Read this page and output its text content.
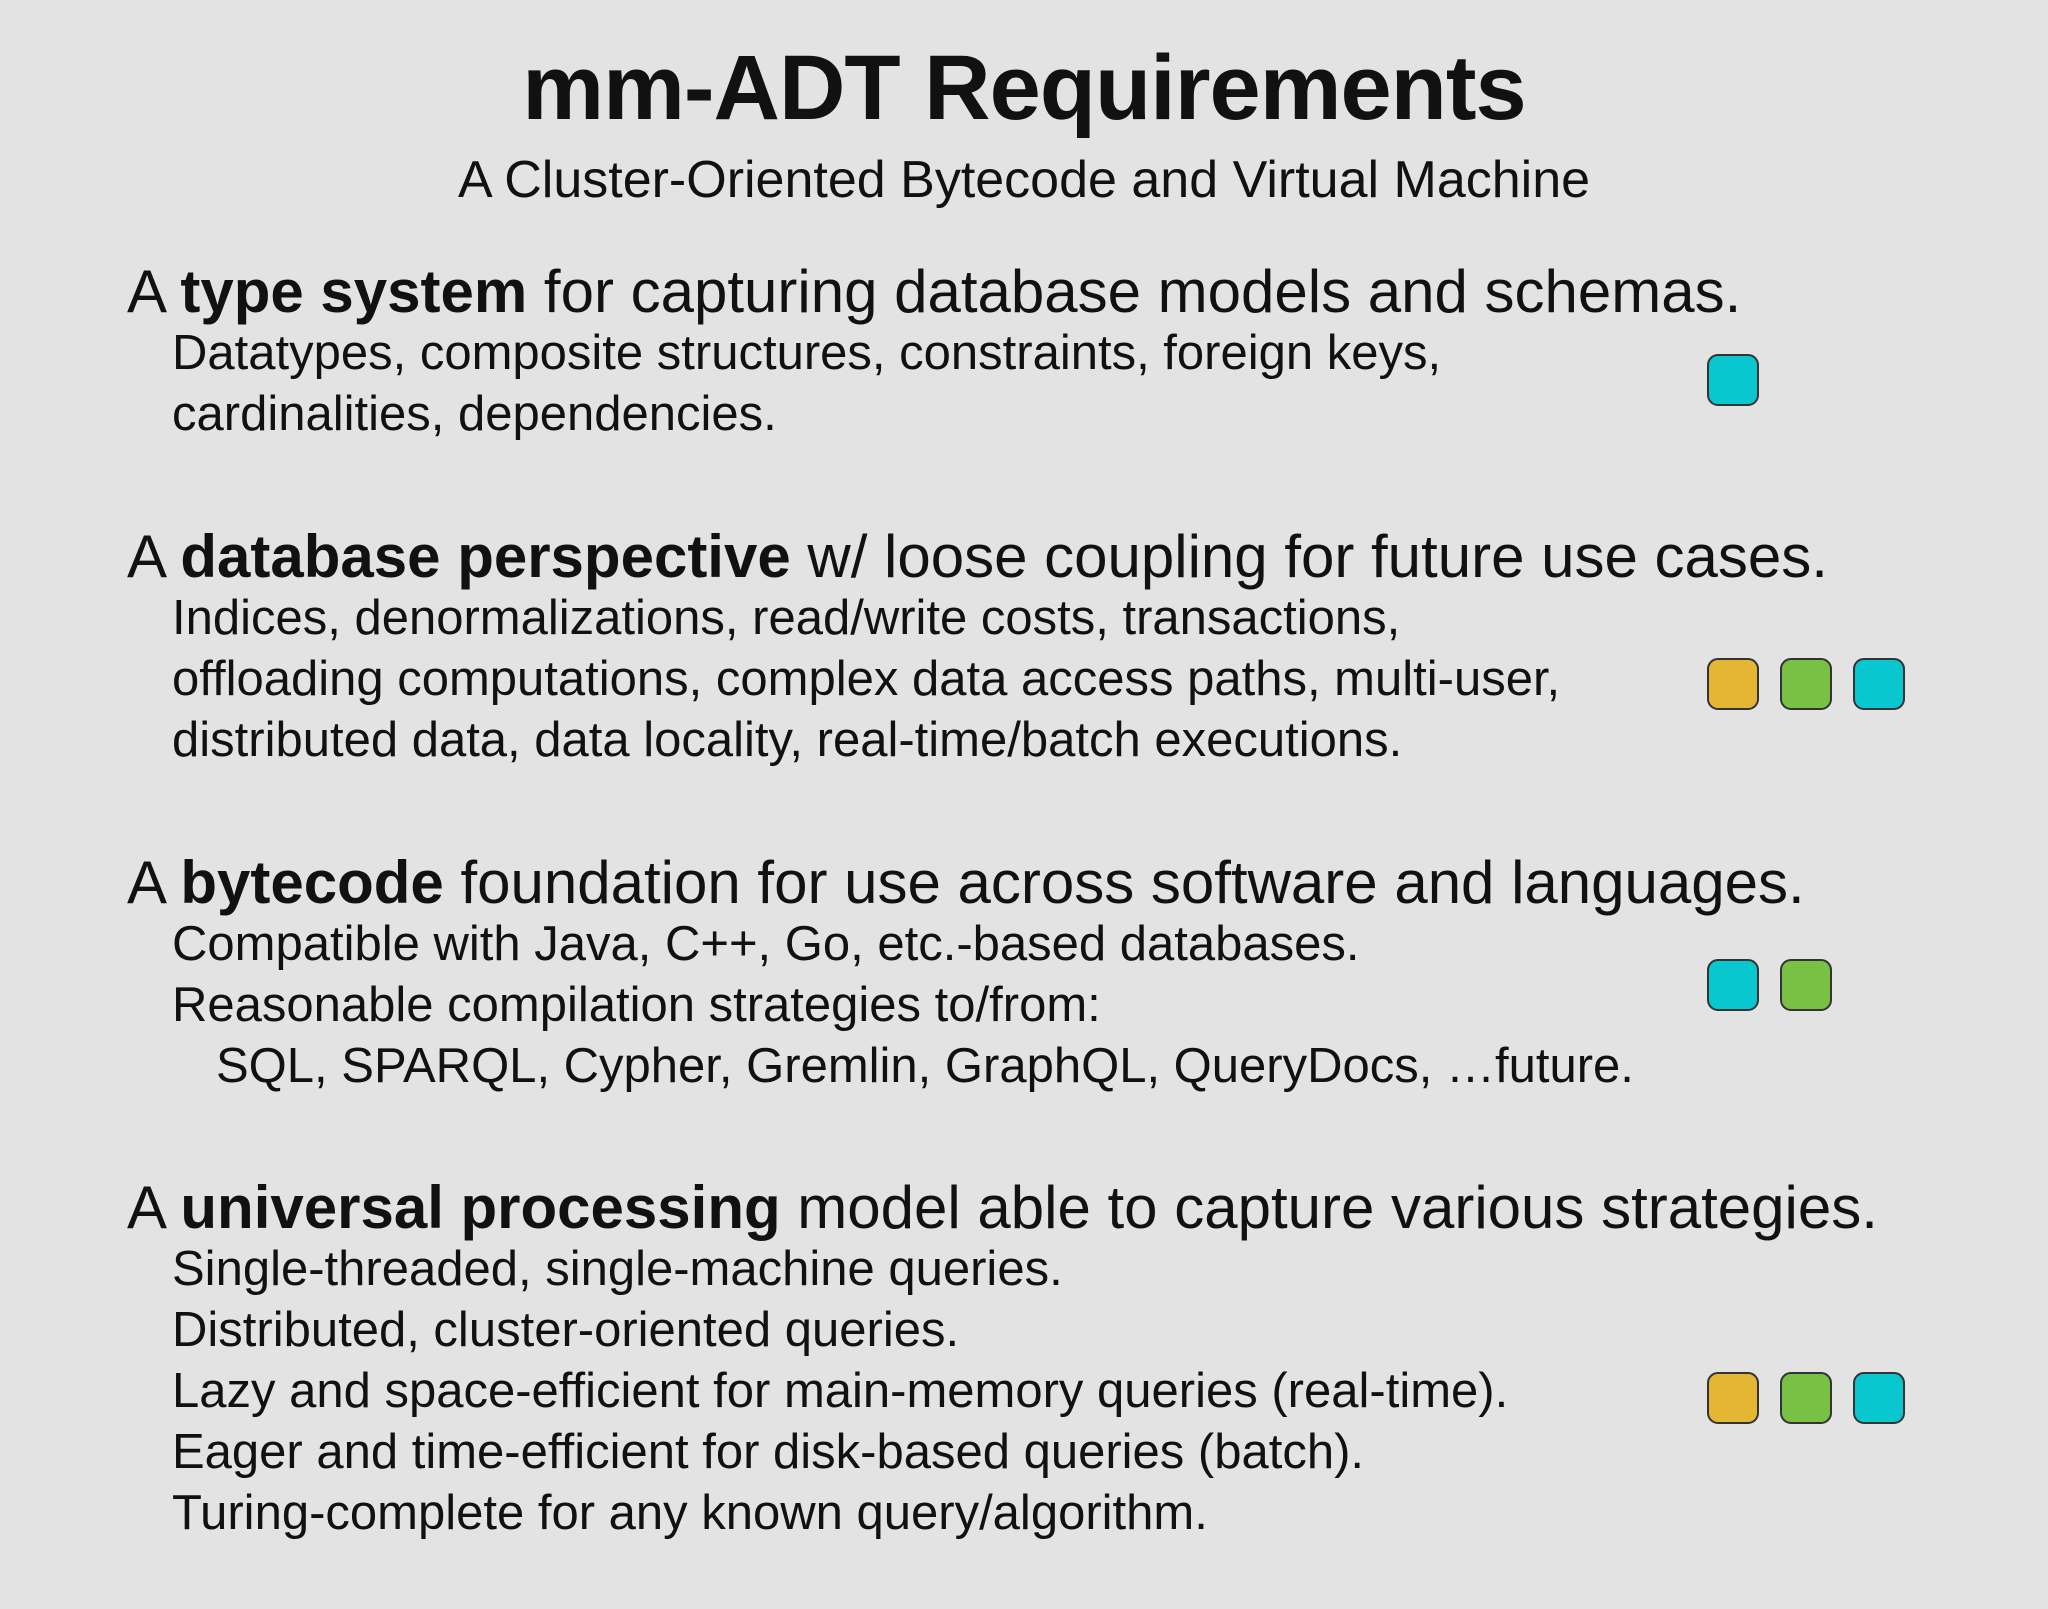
mm-ADT Requirements
A Cluster-Oriented Bytecode and Virtual Machine
A type system for capturing database models and schemas.
Datatypes, composite structures, constraints, foreign keys,
cardinalities, dependencies.
A database perspective w/ loose coupling for future use cases.
Indices, denormalizations, read/write costs, transactions,
offloading computations, complex data access paths, multi-user,
distributed data, data locality, real-time/batch executions.
A bytecode foundation for use across software and languages.
Compatible with Java, C++, Go, etc.-based databases.
Reasonable compilation strategies to/from:
SQL, SPARQL, Cypher, Gremlin, GraphQL, QueryDocs, …future.
A universal processing model able to capture various strategies.
Single-threaded, single-machine queries.
Distributed, cluster-oriented queries.
Lazy and space-efficient for main-memory queries (real-time).
Eager and time-efficient for disk-based queries (batch).
Turing-complete for any known query/algorithm.
